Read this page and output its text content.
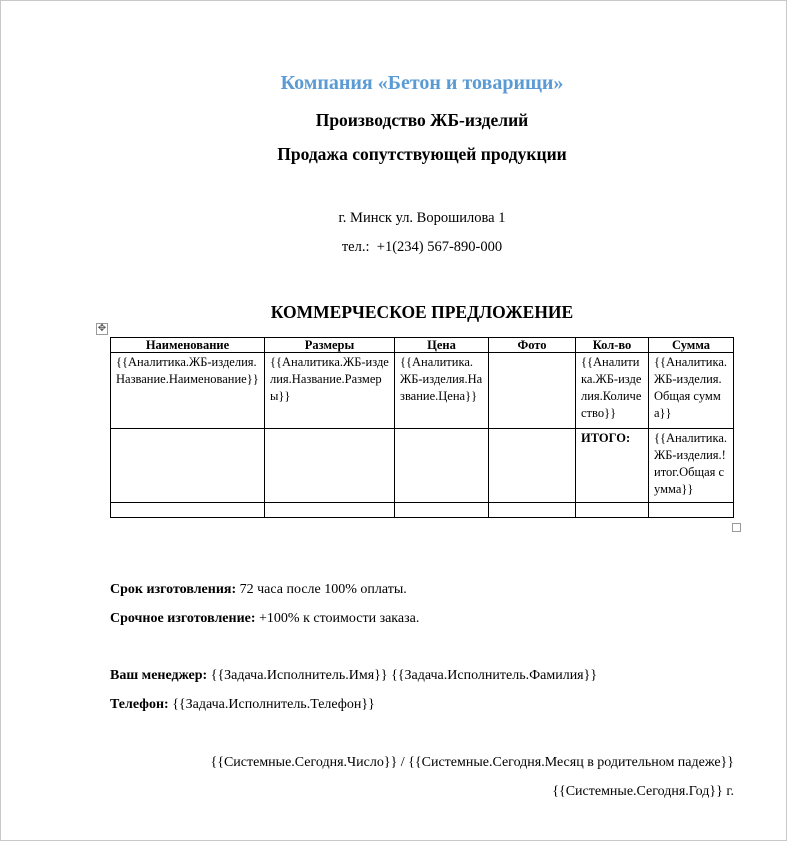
Компания «Бетон и товарищи»
Производство ЖБ-изделий
Продажа сопутствующей продукции
г. Минск ул. Ворошилова 1
тел.: +1(234) 567-890-000
КОММЕРЧЕСКОЕ ПРЕДЛОЖЕНИЕ
✥
Наименование	Размеры	Цена	Фото	Кол-во	Сумма
{{Аналитика.ЖБ-изделия.Название.Наименование}}	{{Аналитика.ЖБ-изделия.Название.Размеры}}	{{Аналитика.ЖБ-изделия.Название.Цена}}		{{Аналитика.ЖБ-изделия.Количество}}	{{Аналитика.ЖБ-изделия.Общая сумма}}
				ИТОГО:	{{Аналитика.ЖБ-изделия.!итог.Общая сумма}}

Срок изготовления: 72 часа после 100% оплаты.
Срочное изготовление: +100% к стоимости заказа.
Ваш менеджер: {{Задача.Исполнитель.Имя}} {{Задача.Исполнитель.Фамилия}}
Телефон: {{Задача.Исполнитель.Телефон}}
{{Системные.Сегодня.Число}} / {{Системные.Сегодня.Месяц в родительном падеже}}
{{Системные.Сегодня.Год}} г.
